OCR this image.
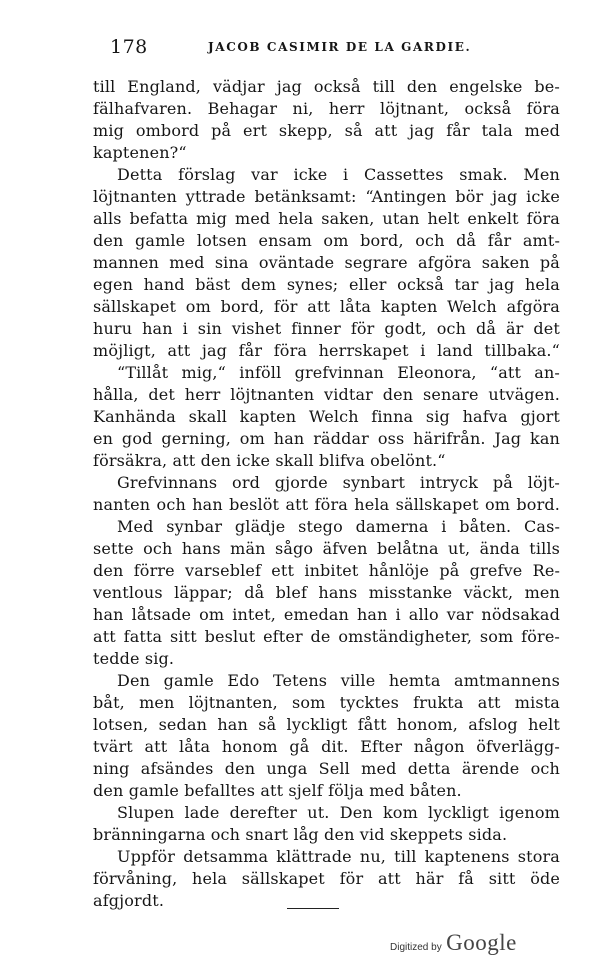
178	JACOB CASIMIR DE LA GARDIE.
till England, vädjar jag också till den engelske be-
fälhafvaren. Behagar ni, herr löjtnant, också föra
mig ombord på ert skepp, så att jag får tala med
kaptenen?“
Detta förslag var icke i Cassettes smak. Men
löjtnanten yttrade betänksamt: “Antingen bör jag icke
alls befatta mig med hela saken, utan helt enkelt föra
den gamle lotsen ensam om bord, och då får amt-
mannen med sina oväntade segrare afgöra saken på
egen hand bäst dem synes; eller också tar jag hela
sällskapet om bord, för att låta kapten Welch afgöra
huru han i sin vishet finner för godt, och då är det
möjligt, att jag får föra herrskapet i land tillbaka.“
“Tillåt mig,“ inföll grefvinnan Eleonora, “att an-
hålla, det herr löjtnanten vidtar den senare utvägen.
Kanhända skall kapten Welch finna sig hafva gjort
en god gerning, om han räddar oss härifrån. Jag kan
försäkra, att den icke skall blifva obelönt.“
Grefvinnans ord gjorde synbart intryck på löjt-
nanten och han beslöt att föra hela sällskapet om bord.
Med synbar glädje stego damerna i båten. Cas-
sette och hans män sågo äfven belåtna ut, ända tills
den förre varseblef ett inbitet hånlöje på grefve Re-
ventlous läppar; då blef hans misstanke väckt, men
han låtsade om intet, emedan han i allo var nödsakad
att fatta sitt beslut efter de omständigheter, som före-
tedde sig.
Den gamle Edo Tetens ville hemta amtmannens
båt, men löjtnanten, som tycktes frukta att mista
lotsen, sedan han så lyckligt fått honom, afslog helt
tvärt att låta honom gå dit. Efter någon öfverlägg-
ning afsändes den unga Sell med detta ärende och
den gamle befalltes att sjelf följa med båten.
Slupen lade derefter ut. Den kom lyckligt igenom
bränningarna och snart låg den vid skeppets sida.
Uppför detsamma klättrade nu, till kaptenens stora
förvåning, hela sällskapet för att här få sitt öde
afgjordt.
Digitized by Google
